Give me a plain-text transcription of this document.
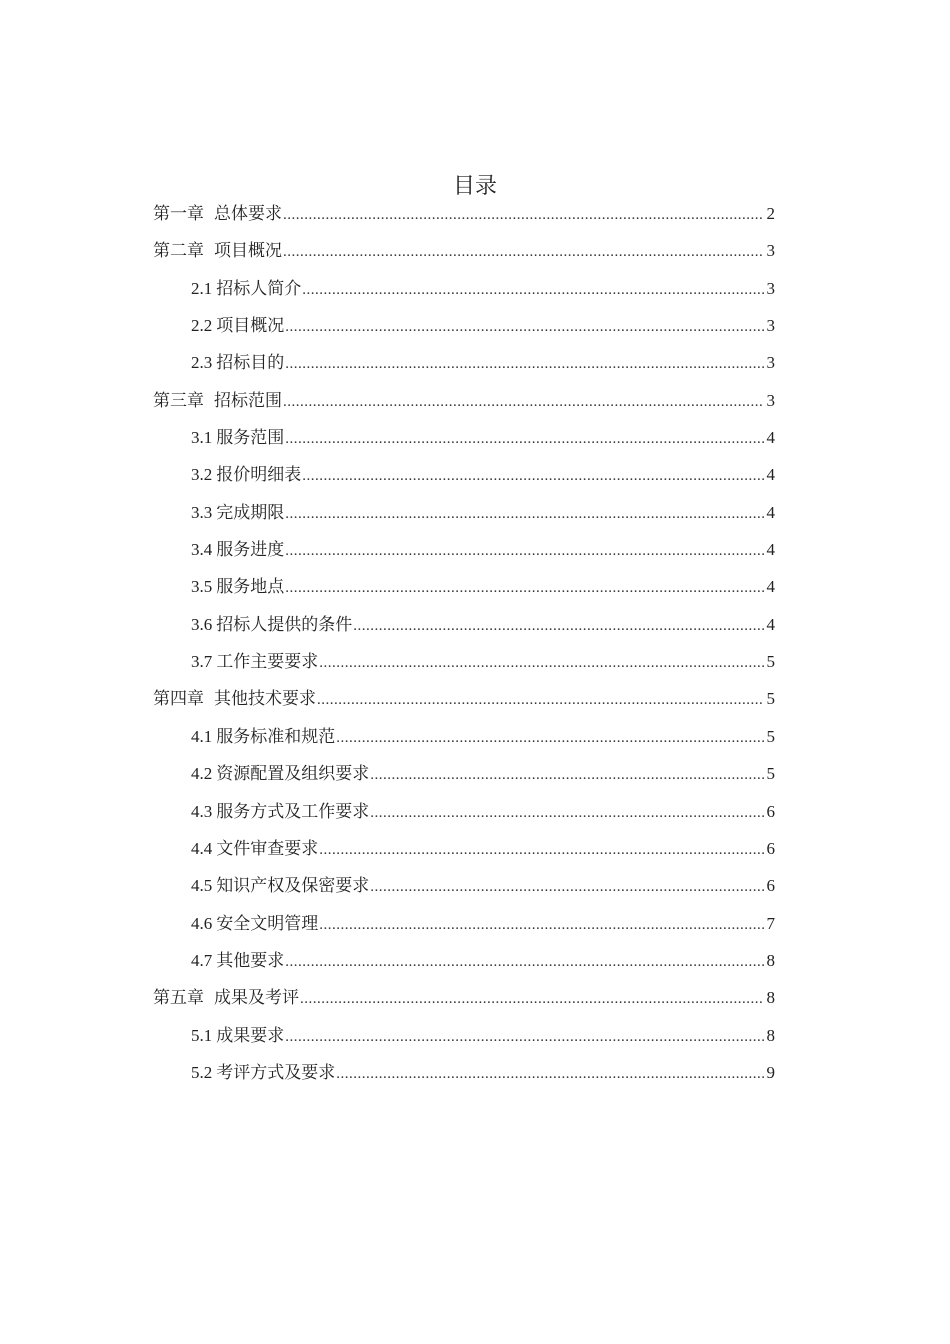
目录
第一章 总体要求 .....	2
第二章 项目概况 .....	3
2.1 招标人简介 .....	3
2.2 项目概况 .....	3
2.3 招标目的 .....	3
第三章 招标范围 .....	3
3.1 服务范围 .....	4
3.2 报价明细表 .....	4
3.3 完成期限 .....	4
3.4 服务进度 .....	4
3.5 服务地点 .....	4
3.6 招标人提供的条件 .....	4
3.7 工作主要要求 .....	5
第四章 其他技术要求 .....	5
4.1 服务标准和规范 .....	5
4.2 资源配置及组织要求 .....	5
4.3 服务方式及工作要求 .....	6
4.4 文件审查要求 .....	6
4.5 知识产权及保密要求 .....	6
4.6 安全文明管理 .....	7
4.7 其他要求 .....	8
第五章 成果及考评 .....	8
5.1 成果要求 .....	8
5.2 考评方式及要求 .....	9
